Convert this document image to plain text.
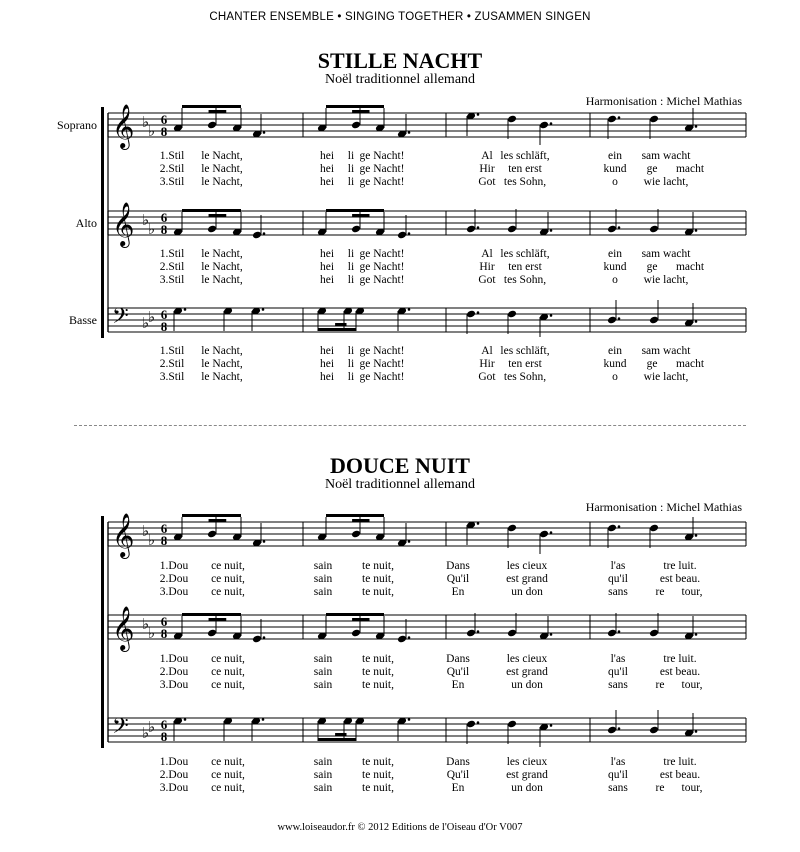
CHANTER ENSEMBLE • SINGING TOGETHER • ZUSAMMEN SINGEN
STILLE NACHT
Noël traditionnel allemand
Harmonisation : Michel Mathias
DOUCE NUIT
Noël traditionnel allemand
Harmonisation : Michel Mathias
𝄞 ♭
♭
6
8
Soprano
1.Stil le Nacht,	hei li ge Nacht!	Al les schläft,	ein sam wacht
2.Stil le Nacht,	hei li ge Nacht!	Hir ten erst	kund ge macht
3.Stil le Nacht,	hei li ge Nacht!	Got tes Sohn,	o wie lacht,
𝄞 ♭
♭
6
8
Alto
1.Stil le Nacht,	hei li ge Nacht!	Al les schläft,	ein sam wacht
2.Stil le Nacht,	hei li ge Nacht!	Hir ten erst	kund ge macht
3.Stil le Nacht,	hei li ge Nacht!	Got tes Sohn,	o wie lacht,
𝄢 ♭
♭ 6
8
Basse
1.Stil le Nacht,	hei li ge Nacht!	Al les schläft,	ein sam wacht
2.Stil le Nacht,	hei li ge Nacht!	Hir ten erst	kund ge macht
3.Stil le Nacht,	hei li ge Nacht!	Got tes Sohn,	o wie lacht,
𝄞 ♭
♭
6
8
1.Dou ce nuit,	sain	te nuit,	Dans	les cieux	l'as	tre luit.
2.Dou ce nuit,	sain	te nuit,	Qu'il	est grand	qu'il	est beau.
3.Dou ce nuit,	sain	te nuit,	En	un don	sans re tour,
𝄞 ♭
♭
6
8
1.Dou ce nuit,	sain	te nuit,	Dans	les cieux	l'as	tre luit.
2.Dou ce nuit,	sain	te nuit,	Qu'il	est grand	qu'il	est beau.
3.Dou ce nuit,	sain	te nuit,	En	un don	sans re tour,
𝄢 ♭
♭ 6
8
1.Dou ce nuit,	sain	te nuit,	Dans	les cieux	l'as	tre luit.
2.Dou ce nuit,	sain	te nuit,	Qu'il	est grand	qu'il	est beau.
3.Dou ce nuit,	sain	te nuit,	En	un don	sans re tour,
www.loiseaudor.fr © 2012 Editions de l'Oiseau d'Or V007
